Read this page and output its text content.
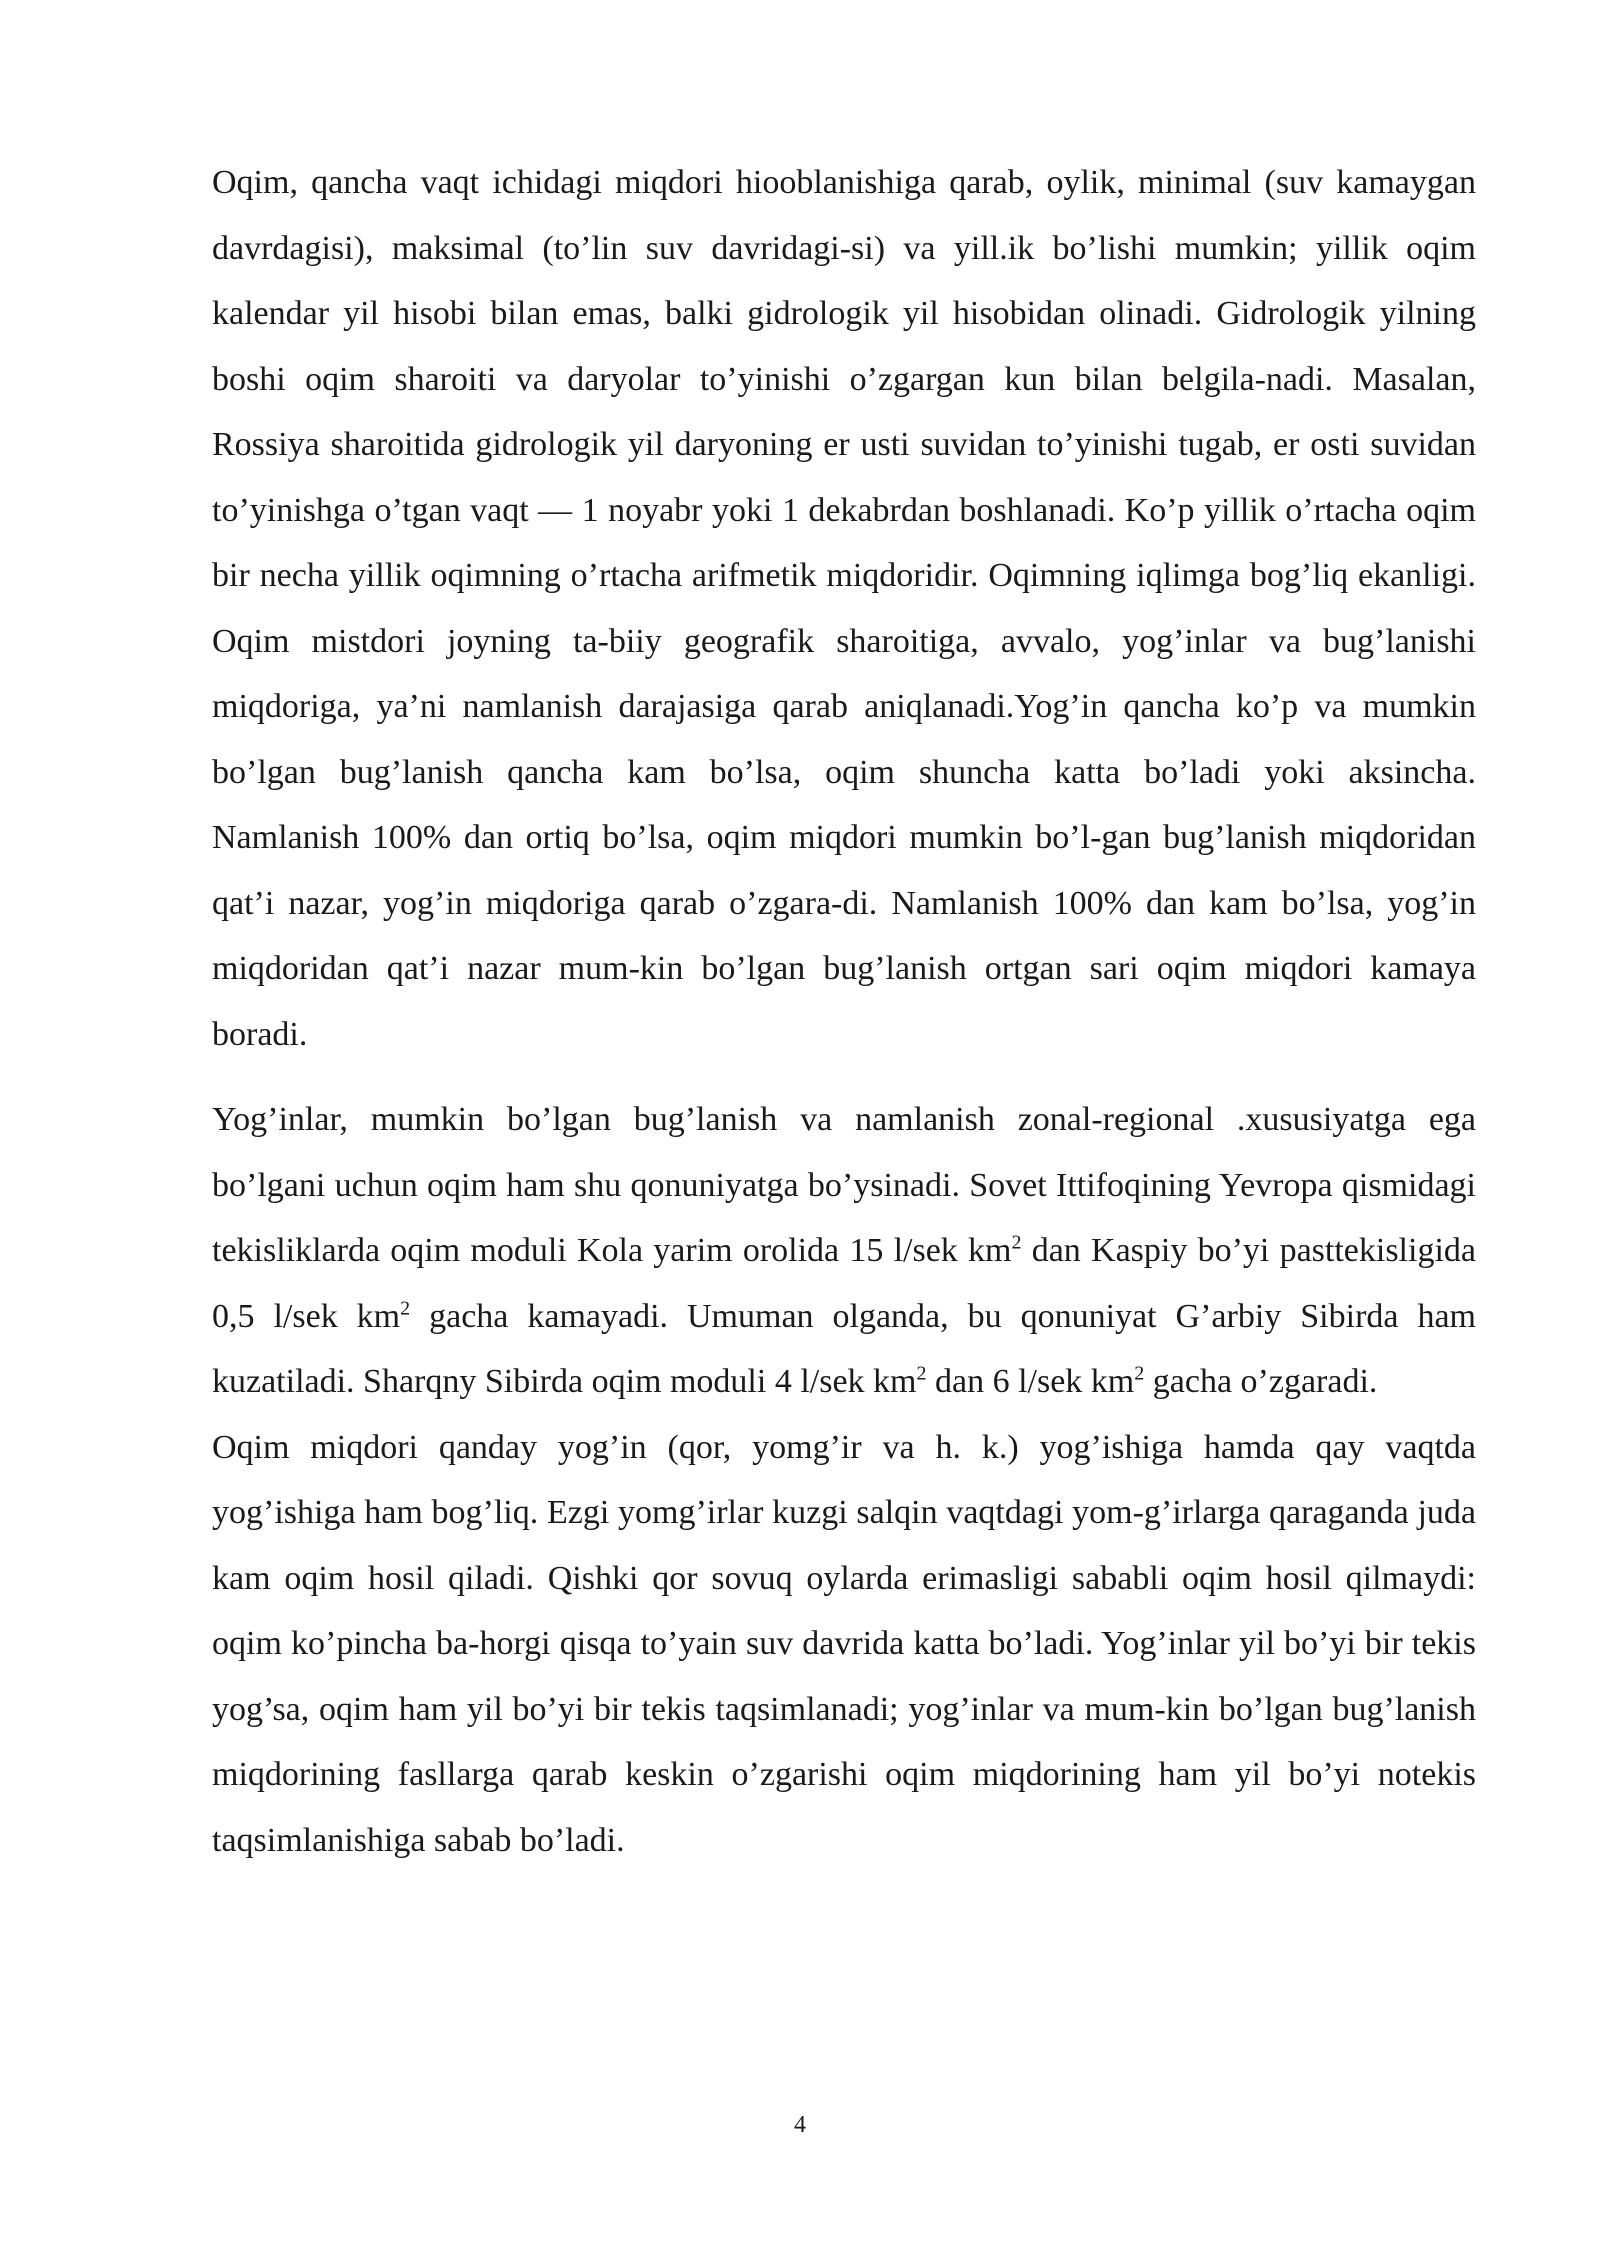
Oqim, qancha vaqt ichidagi miqdori hiooblanishiga qarab, oylik, minimal (suv kamaygan davrdagisi), maksimal (to’lin suv davridagi-si) va yill.ik bo’lishi mumkin; yillik oqim kalendar yil hisobi bilan emas, balki gidrologik yil hisobidan olinadi. Gidrologik yilning boshi oqim sharoiti va daryolar to’yinishi o’zgargan kun bilan belgila-nadi. Masalan, Rossiya sharoitida gidrologik yil daryoning er usti suvidan to’yinishi tugab, er osti suvidan to’yinishga o’tgan vaqt — 1 noyabr yoki 1 dekabrdan boshlanadi. Ko’p yillik o’rtacha oqim bir necha yillik oqimning o’rtacha arifmetik miqdoridir. Oqimning iqlimga bog’liq ekanligi. Oqim mistdori joyning ta-biiy geografik sharoitiga, avvalo, yog’inlar va bug’lanishi miqdoriga, ya’ni namlanish darajasiga qarab aniqlanadi.Yog’in qancha ko’p va mumkin bo’lgan bug’lanish qancha kam bo’lsa, oqim shuncha katta bo’ladi yoki aksincha. Namlanish 100% dan ortiq bo’lsa, oqim miqdori mumkin bo’l-gan bug’lanish miqdoridan qat’i nazar, yog’in miqdoriga qarab o’zgara-di. Namlanish 100% dan kam bo’lsa, yog’in miqdoridan qat’i nazar mum-kin bo’lgan bug’lanish ortgan sari oqim miqdori kamaya boradi.

Yog’inlar, mumkin bo’lgan bug’lanish va namlanish zonal-regional .xususiyatga ega bo’lgani uchun oqim ham shu qonuniyatga bo’ysinadi. Sovet Ittifoqining Yevropa qismidagi tekisliklarda oqim moduli Kola yarim orolida 15 l/sek $km^2$ dan Kaspiy bo’yi pasttekisligida 0,5 l/sek $km^2$ gacha kamayadi. Umuman olganda, bu qonuniyat G’arbiy Sibirda ham kuzatiladi. Sharqny Sibirda oqim moduli 4 l/sek $km^2$ dan 6 l/sek $km^2$ gacha o’zgaradi.

Oqim miqdori qanday yog’in (qor, yomg’ir va h. k.) yog’ishiga hamda qay vaqtda yog’ishiga ham bog’liq. Ezgi yomg’irlar kuzgi salqin vaqtdagi yom-g’irlarga qaraganda juda kam oqim hosil qiladi. Qishki qor sovuq oylarda erimasligi sababli oqim hosil qilmaydi: oqim ko’pincha ba-horgi qisqa to’yain suv davrida katta bo’ladi. Yog’inlar yil bo’yi bir tekis yog’sa, oqim ham yil bo’yi bir tekis taqsimlanadi; yog’inlar va mum-kin bo’lgan bug’lanish miqdorining fasllarga qarab keskin o’zgarishi oqim miqdorining ham yil bo’yi notekis taqsimlanishiga sabab bo’ladi.

4
